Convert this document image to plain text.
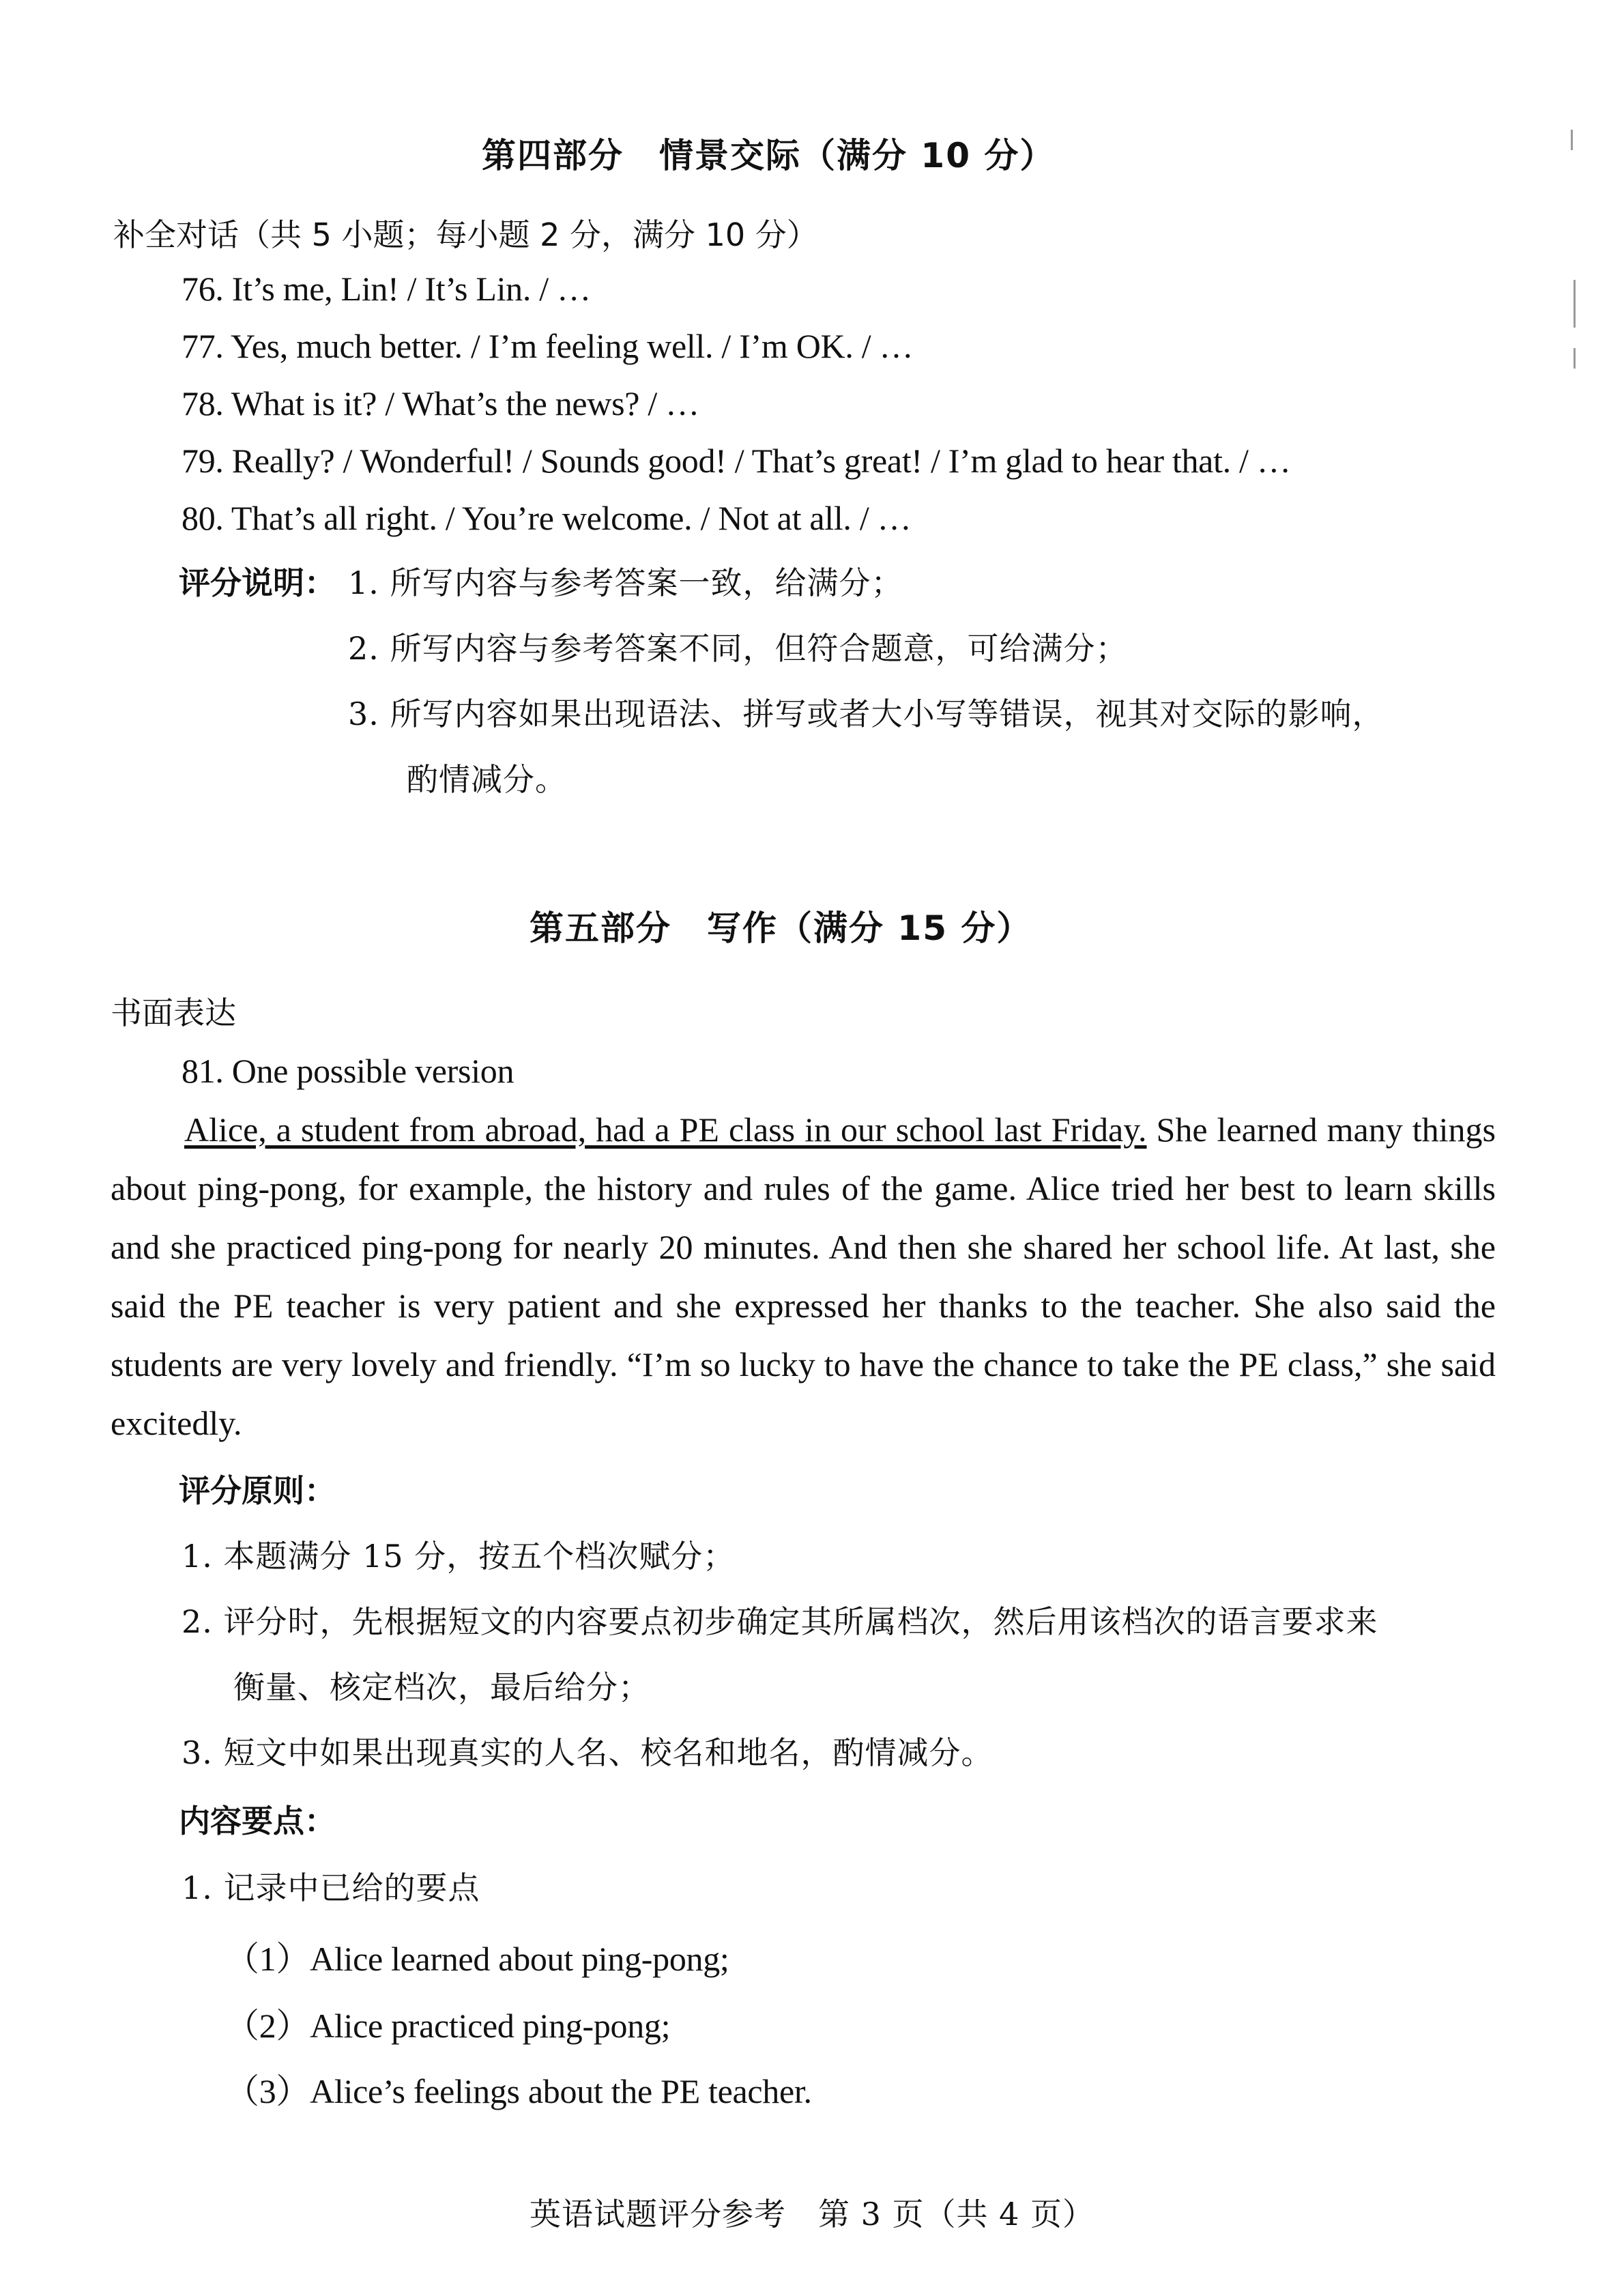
第四部分　情景交际（满分 10 分）
补全对话（共 5 小题；每小题 2 分，满分 10 分）
76. It’s me, Lin! / It’s Lin. / …
77. Yes, much better. / I’m feeling well. / I’m OK. / …
78. What is it? / What’s the news? / …
79. Really? / Wonderful! / Sounds good! / That’s great! / I’m glad to hear that. / …
80. That’s all right. / You’re welcome. / Not at all. / …
评分说明： 1. 所写内容与参考答案一致，给满分；
2. 所写内容与参考答案不同，但符合题意，可给满分；
3. 所写内容如果出现语法、拼写或者大小写等错误，视其对交际的影响，
酌情减分。
第五部分　写作（满分 15 分）
书面表达
81. One possible version
Alice, a student from abroad, had a PE class in our school last Friday. She learned many things about ping-pong, for example, the history and rules of the game. Alice tried her best to learn skills and she practiced ping-pong for nearly 20 minutes. And then she shared her school life. At last, she said the PE teacher is very patient and she expressed her thanks to the teacher. She also said the students are very lovely and friendly. “I’m so lucky to have the chance to take the PE class,” she said excitedly.
评分原则：
1. 本题满分 15 分，按五个档次赋分；
2. 评分时，先根据短文的内容要点初步确定其所属档次，然后用该档次的语言要求来
衡量、核定档次，最后给分；
3. 短文中如果出现真实的人名、校名和地名，酌情减分。
内容要点：
1. 记录中已给的要点
（1）Alice learned about ping-pong;
（2）Alice practiced ping-pong;
（3）Alice’s feelings about the PE teacher.
英语试题评分参考　第 3 页（共 4 页）
